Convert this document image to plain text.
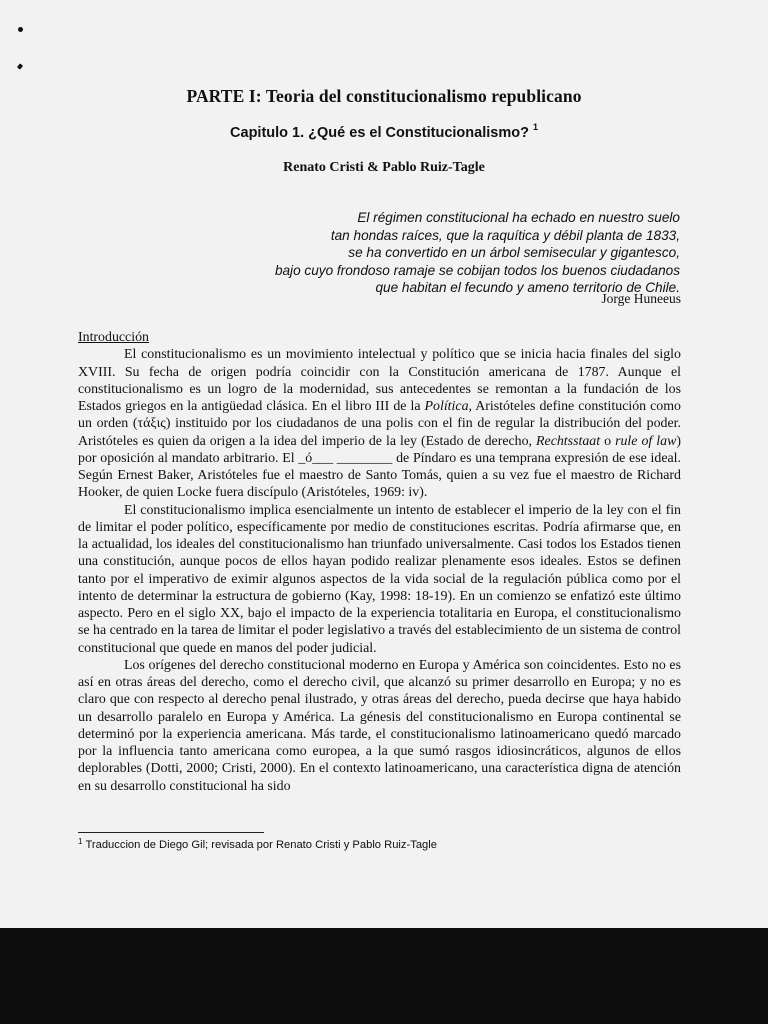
PARTE I: Teoria del constitucionalismo republicano
Capitulo 1. ¿Qué es el Constitucionalismo? $^1$
Renato Cristi & Pablo Ruiz-Tagle
El régimen constitucional ha echado en nuestro suelo
tan hondas raíces, que la raquítica y débil planta de 1833,
se ha convertido en un árbol semisecular y gigantesco,
bajo cuyo frondoso ramaje se cobijan todos los buenos ciudadanos
que habitan el fecundo y ameno territorio de Chile.
Jorge Huneeus

Introducción

El constitucionalismo es un movimiento intelectual y político que se inicia hacia finales del siglo XVIII. Su fecha de origen podría coincidir con la Constitución americana de 1787. Aunque el constitucionalismo es un logro de la modernidad, sus antecedentes se remontan a la fundación de los Estados griegos en la antigüedad clásica. En el libro III de la Política, Aristóteles define constitución como un orden (τάξις) instituido por los ciudadanos de una polis con el fin de regular la distribución del poder. Aristóteles es quien da origen a la idea del imperio de la ley (Estado de derecho, Rechtsstaat o rule of law) por oposición al mandato arbitrario. El _ó___ ________ de Píndaro es una temprana expresión de ese ideal. Según Ernest Baker, Aristóteles fue el maestro de Santo Tomás, quien a su vez fue el maestro de Richard Hooker, de quien Locke fuera discípulo (Aristóteles, 1969: iv).

El constitucionalismo implica esencialmente un intento de establecer el imperio de la ley con el fin de limitar el poder político, específicamente por medio de constituciones escritas. Podría afirmarse que, en la actualidad, los ideales del constitucionalismo han triunfado universalmente. Casi todos los Estados tienen una constitución, aunque pocos de ellos hayan podido realizar plenamente esos ideales. Estos se definen tanto por el imperativo de eximir algunos aspectos de la vida social de la regulación pública como por el intento de determinar la estructura de gobierno (Kay, 1998: 18-19). En un comienzo se enfatizó este último aspecto. Pero en el siglo XX, bajo el impacto de la experiencia totalitaria en Europa, el constitucionalismo se ha centrado en la tarea de limitar el poder legislativo a través del establecimiento de un sistema de control constitucional que quede en manos del poder judicial.

Los orígenes del derecho constitucional moderno en Europa y América son coincidentes. Esto no es así en otras áreas del derecho, como el derecho civil, que alcanzó su primer desarrollo en Europa; y no es claro que con respecto al derecho penal ilustrado, y otras áreas del derecho, pueda decirse que haya habido un desarrollo paralelo en Europa y América. La génesis del constitucionalismo en Europa continental se determinó por la experiencia americana. Más tarde, el constitucionalismo latinoamericano quedó marcado por la influencia tanto americana como europea, a la que sumó rasgos idiosincráticos, algunos de ellos deplorables (Dotti, 2000; Cristi, 2000). En el contexto latinoamericano, una característica digna de atención en su desarrollo constitucional ha sido

$^1$ Traduccion de Diego Gil; revisada por Renato Cristi y Pablo Ruiz-Tagle
